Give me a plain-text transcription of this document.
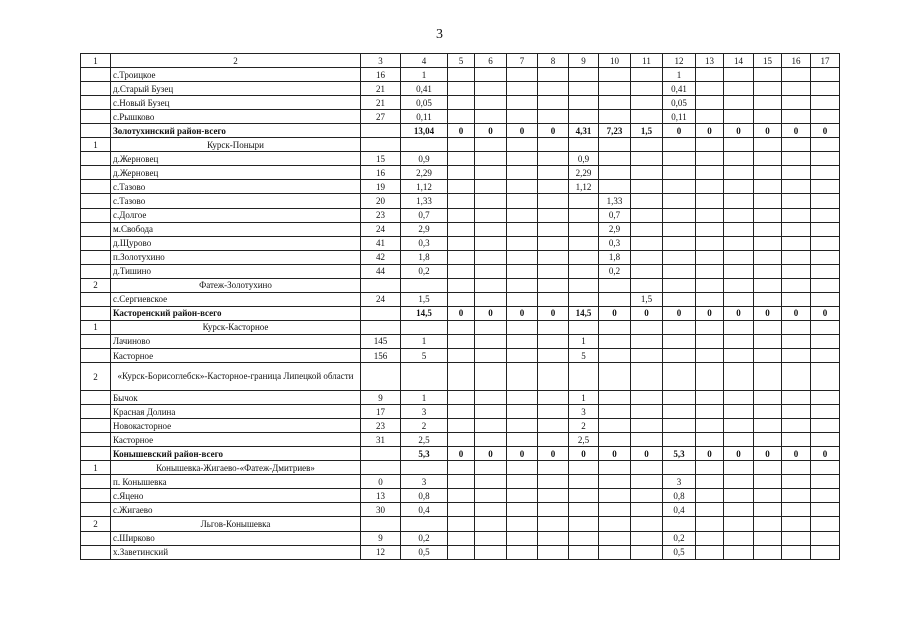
3
1	2	3	4	5	6	7	8	9	10	11	12	13	14	15	16	17
	с.Троицкое	16	1								1					
	д.Старый Бузец	21	0,41								0,41					
	с.Новый Бузец	21	0,05								0,05					
	с.Рышково	27	0,11								0,11					
	Золотухинский район-всего		13,04	0	0	0	0	4,31	7,23	1,5	0	0	0	0	0	0
1	Курск-Поныри															
	д.Жерновец	15	0,9					0,9								
	д.Жерновец	16	2,29					2,29								
	с.Тазово	19	1,12					1,12								
	с.Тазово	20	1,33						1,33							
	с.Долгое	23	0,7						0,7							
	м.Свобода	24	2,9						2,9							
	д.Щурово	41	0,3						0,3							
	п.Золотухино	42	1,8						1,8							
	д.Тишино	44	0,2						0,2							
2	Фатеж-Золотухино															
	с.Сергиевское	24	1,5							1,5						
	Касторенский район-всего		14,5	0	0	0	0	14,5	0	0	0	0	0	0	0	0
1	Курск-Касторное															
	Лачиново	145	1					1								
	Касторное	156	5					5								
2	«Курск-Борисоглебск»-Касторное-граница Липецкой области															
	Бычок	9	1					1								
	Красная Долина	17	3					3								
	Новокасторное	23	2					2								
	Касторное	31	2,5					2,5								
	Конышевский район-всего		5,3	0	0	0	0	0	0	0	5,3	0	0	0	0	0
1	Конышевка-Жигаево-«Фатеж-Дмитриев»															
	п. Конышевка	0	3								3					
	с.Яцено	13	0,8								0,8					
	с.Жигаево	30	0,4								0,4					
2	Льгов-Конышевка															
	с.Ширково	9	0,2								0,2					
	х.Заветинский	12	0,5								0,5					
